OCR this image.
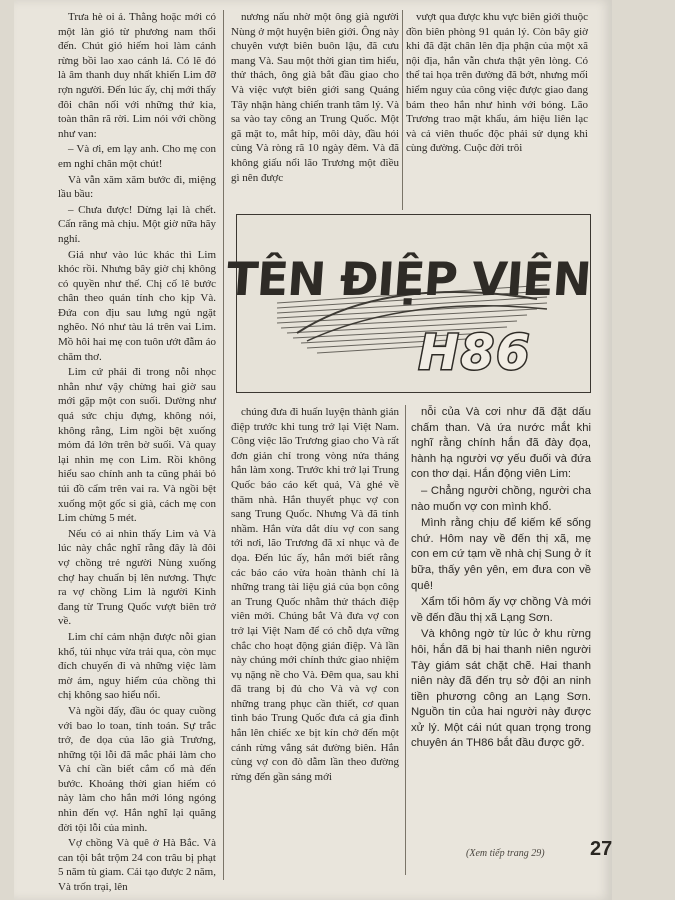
Trưa hè oi ả. Thằng hoặc mới có một làn gió từ phương nam thổi đến. Chút gió hiếm hoi làm cánh rừng bồi lao xao cảnh lá. Có lẽ đó là âm thanh duy nhất khiến Lim đỡ rợn người. Đến lúc ấy, chị mới thấy đôi chân nối với những thứ kia, toàn thân rã rời. Lim nói với chồng như van:

– Và ơi, em lạy anh. Cho mẹ con em nghỉ chân một chút!

Và vẫn xăm xăm bước đi, miệng lầu bầu:

– Chưa được! Dừng lại là chết. Cấn răng mà chịu. Một giờ nữa hãy nghỉ.

Giá như vào lúc khác thì Lim khóc rồi. Nhưng bây giờ chị không có quyền như thế. Chị cố lê bước chân theo quán tính cho kịp Và. Đứa con địu sau lưng ngủ ngặt nghẽo. Nó như tàu lá trên vai Lim. Mồ hôi hai mẹ con tuôn ướt đẫm áo chăm thơ.

Lim cứ phải đi trong nỗi nhọc nhằn như vậy chừng hai giờ sau mới gặp một con suối. Dường như quá sức chịu đựng, không nói, không rằng, Lim ngồi bệt xuống mỏm đá lớn trên bờ suối. Và quay lại nhìn mẹ con Lim. Rồi không hiểu sao chính anh ta cũng phải bỏ túi đồ cẩm trên vai ra. Và ngồi bệt xuống một gốc si già, cách mẹ con Lim chừng 5 mét.

Nếu có ai nhìn thấy Lim và Và lúc này chắc nghĩ rằng đây là đôi vợ chồng trẻ người Nùng xuống chợ hay chuẩn bị lên nương. Thực ra vợ chồng Lim là người Kinh đang từ Trung Quốc vượt biên trở về.

Lim chỉ cảm nhận được nỗi gian khổ, tủi nhục vừa trải qua, còn mục đích chuyến đi và những việc làm mờ ám, nguy hiểm của chồng thì chị không sao hiểu nổi.

Và ngồi đấy, đầu óc quay cuồng với bao lo toan, tính toán. Sự trắc trở, đe dọa của lão già Trương, những tội lỗi đã mắc phải làm cho Và chỉ cần biết cắm cổ mà đến bước. Khoảng thời gian hiếm có này làm cho hắn mới lóng ngóng nhìn đến vợ. Hắn nghĩ lại quãng đời tội lỗi của mình.

Vợ chồng Và quê ở Hà Bắc. Và can tội bắt trộm 24 con trâu bị phạt 5 năm tù giam. Cải tạo được 2 năm, Và trốn trại, lên

nương nấu nhờ một ông già người Nùng ở một huyện biên giới. Ông này chuyên vượt biên buôn lậu, đã cưu mang Và. Sau một thời gian tìm hiểu, thử thách, ông già bắt đầu giao cho Và việc vượt biên giới sang Quảng Tây nhận hàng chiến tranh tâm lý. Và sa vào tay công an Trung Quốc. Một gã mặt to, mắt híp, môi dày, đầu hói cùng Và ròng rã 10 ngày đêm. Và đã không giấu nổi lão Trương một điều gì nên được

vượt qua được khu vực biên giới thuộc đồn biên phòng 91 quản lý. Còn bây giờ khi đã đặt chân lên địa phận của một xã nội địa, hắn vẫn chưa thật yên lòng. Có thể tai họa trên đường đã bớt, nhưng mối hiểm nguy của công việc được giao đang bám theo hắn như hình với bóng. Lão Trương trao mật khẩu, ám hiệu liên lạc và cả viên thuốc độc phải sử dụng khi cùng đường. Cuộc đời trôi

TÊN ĐIỆP VIÊN
H86

chúng đưa đi huấn luyện thành gián điệp trước khi tung trở lại Việt Nam. Công việc lão Trương giao cho Và rất đơn giản chỉ trong vòng nửa tháng hắn làm xong. Trước khi trở lại Trung Quốc báo cáo kết quả, Và ghé về thăm nhà. Hắn thuyết phục vợ con sang Trung Quốc. Nhưng Và đã tính nhầm. Hắn vừa dắt díu vợ con sang tới nơi, lão Trương đã xỉ nhục và đe dọa. Đến lúc ấy, hắn mới biết rằng các báo cáo vừa hoàn thành chỉ là những trang tài liệu giả của bọn công an Trung Quốc nhằm thử thách điệp viên mới. Chúng bắt Và đưa vợ con trở lại Việt Nam để có chỗ dựa vững chắc cho hoạt động gián điệp. Và lần này chúng mới chính thức giao nhiệm vụ nặng nề cho Và. Đêm qua, sau khi đã trang bị đủ cho Và và vợ con những trang phục cần thiết, cơ quan tình báo Trung Quốc đưa cả gia đình hắn lên chiếc xe bịt kín chở đến một cánh rừng vắng sát đường biên. Hắn cùng vợ con đò dẫm lần theo đường rừng đến gần sáng mới

nỗi của Và cơi như đã đặt dấu chấm than. Và ứa nước mắt khi nghĩ rằng chính hắn đã đày đọa, hành hạ người vợ yếu đuối và đứa con thơ dại. Hắn động viên Lim:

– Chẳng người chồng, người cha nào muốn vợ con mình khổ.

Mình rằng chịu để kiếm kế sống chứ. Hôm nay về đến thị xã, mẹ con em cứ tạm về nhà chị Sung ở ít bữa, thấy yên yên, em đưa con về quê!

Xẩm tối hôm ấy vợ chồng Và mới về đến đầu thị xã Lạng Sơn.

Và không ngờ từ lúc ở khu rừng hôi, hắn đã bị hai thanh niên người Tày giám sát chặt chẽ. Hai thanh niên này đã đến trụ sở đội an ninh tiền phương công an Lạng Sơn. Nguồn tin của hai người này được xử lý. Một cái nút quan trọng trong chuyên án TH86 bắt đầu được gỡ.

(Xem tiếp trang 29) 27
